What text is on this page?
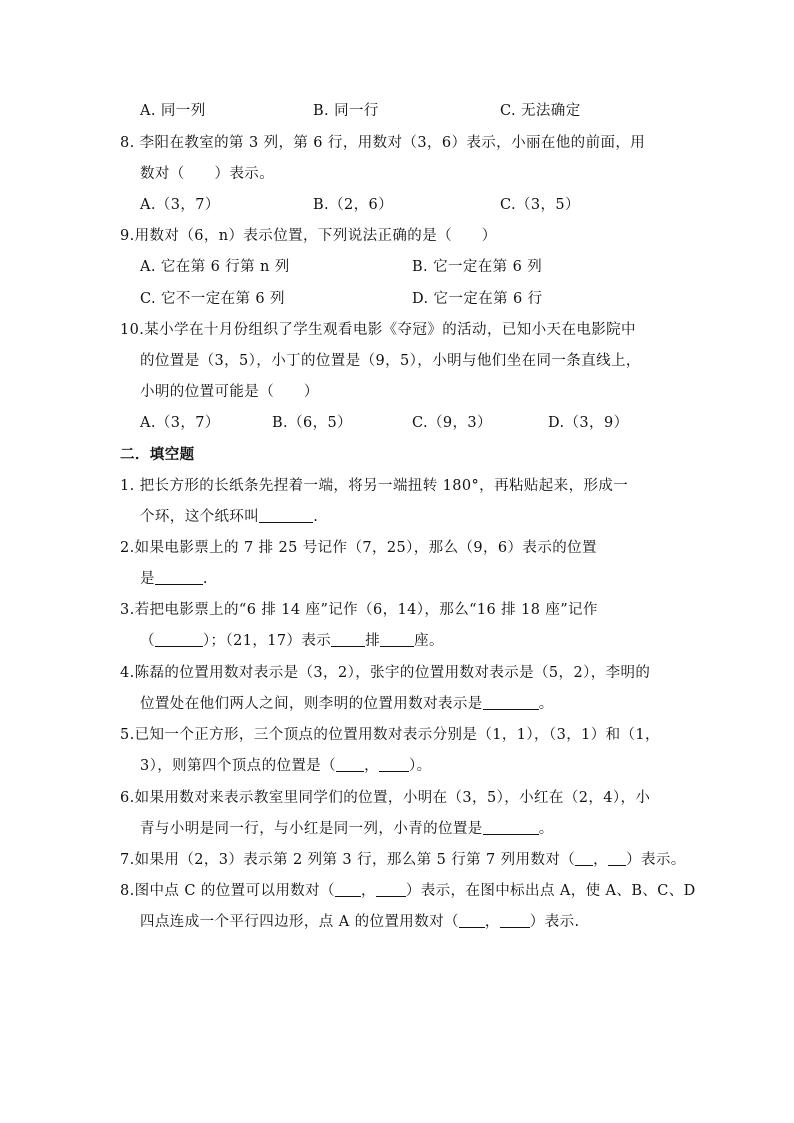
A. 同一列	B. 同一行	C. 无法确定
8. 李阳在教室的第 3 列，第 6 行，用数对（3，6）表示，小丽在他的前面，用
数对（　　）表示。
A.（3，7）	B.（2，6）	C.（3，5）
9.用数对（6，n）表示位置，下列说法正确的是（　　）
A. 它在第 6 行第 n 列	B. 它一定在第 6 列
C. 它不一定在第 6 列	D. 它一定在第 6 行
10.某小学在十月份组织了学生观看电影《夺冠》的活动，已知小天在电影院中
的位置是（3，5），小丁的位置是（9，5），小明与他们坐在同一条直线上，
小明的位置可能是（　　）
A.（3，7）	B.（6，5）	C.（9，3）	D.（3，9）
二．填空题
1. 把长方形的长纸条先捏着一端，将另一端扭转 180°，再粘贴起来，形成一
个环，这个纸环叫	.
2.如果电影票上的 7 排 25 号记作（7，25），那么（9，6）表示的位置
是	.
3.若把电影票上的“6 排 14 座”记作（6，14），那么“16 排 18 座”记作
（	）；（21，17）表示 排 座。
4.陈磊的位置用数对表示是（3，2），张宇的位置用数对表示是（5，2），李明的
位置处在他们两人之间，则李明的位置用数对表示是	。
5.已知一个正方形，三个顶点的位置用数对表示分别是（1，1），（3，1）和（1，
3），则第四个顶点的位置是（ ， ）。
6.如果用数对来表示教室里同学们的位置，小明在（3，5），小红在（2，4），小
青与小明是同一行，与小红是同一列，小青的位置是	。
7.如果用（2，3）表示第 2 列第 3 行，那么第 5 行第 7 列用数对（ ， ）表示。
8.图中点 C 的位置可以用数对（ ， ）表示，在图中标出点 A，使 A、B、C、D
四点连成一个平行四边形，点 A 的位置用数对（ ， ）表示.
